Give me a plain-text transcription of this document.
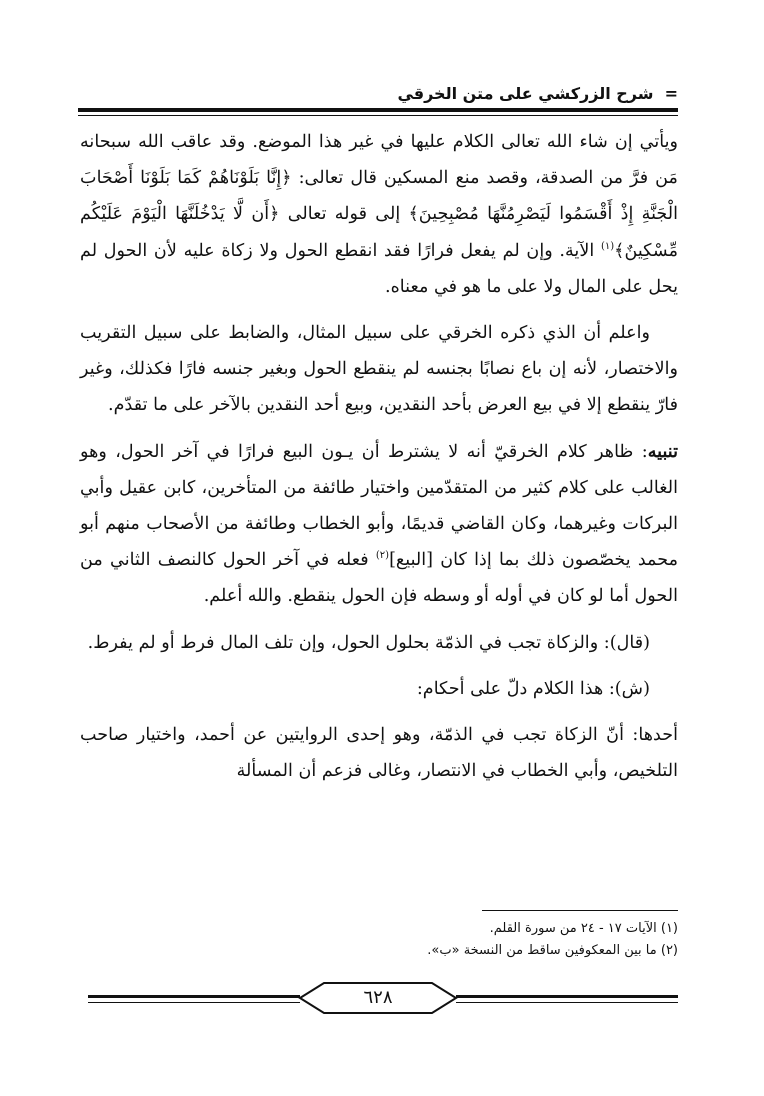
= شرح الزركشي على متن الخرقي

ويأتي إن شاء الله تعالى الكلام عليها في غير هذا الموضع. وقد عاقب الله سبحانه مَن فرَّ من الصدقة، وقصد منع المسكين قال تعالى: ﴿إِنَّا بَلَوْنَاهُمْ كَمَا بَلَوْنَا أَصْحَابَ الْجَنَّةِ إِذْ أَقْسَمُوا لَيَصْرِمُنَّهَا مُصْبِحِينَ﴾ إلى قوله تعالى ﴿أَن لَّا يَدْخُلَنَّهَا الْيَوْمَ عَلَيْكُم مِّسْكِينٌ﴾$^{(١)}$ الآية. وإن لم يفعل فرارًا فقد انقطع الحول ولا زكاة عليه لأن الحول لم يحل على المال ولا على ما هو في معناه.

واعلم أن الذي ذكره الخرقي على سبيل المثال، والضابط على سبيل التقريب والاختصار، لأنه إن باع نصابًا بجنسه لم ينقطع الحول وبغير جنسه فارًا فكذلك، وغير فارّ ينقطع إلا في بيع العرض بأحد النقدين، وبيع أحد النقدين بالآخر على ما تقدّم.

تنبيه: ظاهر كلام الخرقيّ أنه لا يشترط أن يـون البيع فرارًا في آخر الحول، وهو الغالب على كلام كثير من المتقدّمين واختيار طائفة من المتأخرين، كابن عقيل وأبي البركات وغيرهما، وكان القاضي قديمًا، وأبو الخطاب وطائفة من الأصحاب منهم أبو محمد يخصّصون ذلك بما إذا كان [البيع]$^{(٢)}$ فعله في آخر الحول كالنصف الثاني من الحول أما لو كان في أوله أو وسطه فإن الحول ينقطع. والله أعلم.

(قال): والزكاة تجب في الذمّة بحلول الحول، وإن تلف المال فرط أو لم يفرط.

(ش): هذا الكلام دلّ على أحكام:

أحدها: أنّ الزكاة تجب في الذمّة، وهو إحدى الروايتين عن أحمد، واختيار صاحب التلخيص، وأبي الخطاب في الانتصار، وغالى فزعم أن المسألة

(١) الآيات ١٧ - ٢٤ من سورة القلم.
(٢) ما بين المعكوفين ساقط من النسخة «ب».
٦٢٨
